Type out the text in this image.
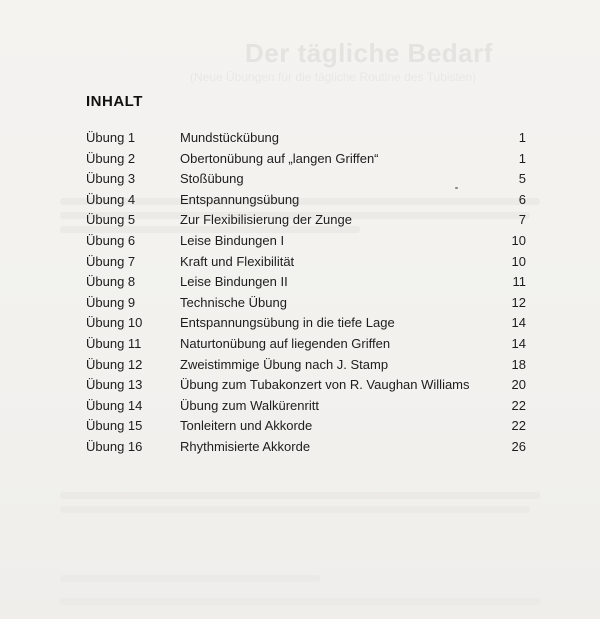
Der tägliche Bedarf
(Neue Übungen für die tägliche Routine des Tubisten)
INHALT
Übung 1	Mundstückübung	1
Übung 2	Obertonübung auf „langen Griffen“	1
Übung 3	Stoßübung	5
Übung 4	Entspannungsübung	6
Übung 5	Zur Flexibilisierung der Zunge	7
Übung 6	Leise Bindungen I	10
Übung 7	Kraft und Flexibilität	10
Übung 8	Leise Bindungen II	11
Übung 9	Technische Übung	12
Übung 10	Entspannungsübung in die tiefe Lage	14
Übung 11	Naturtonübung auf liegenden Griffen	14
Übung 12	Zweistimmige Übung nach J. Stamp	18
Übung 13	Übung zum Tubakonzert von R. Vaughan Williams	20
Übung 14	Übung zum Walkürenritt	22
Übung 15	Tonleitern und Akkorde	22
Übung 16	Rhythmisierte Akkorde	26
